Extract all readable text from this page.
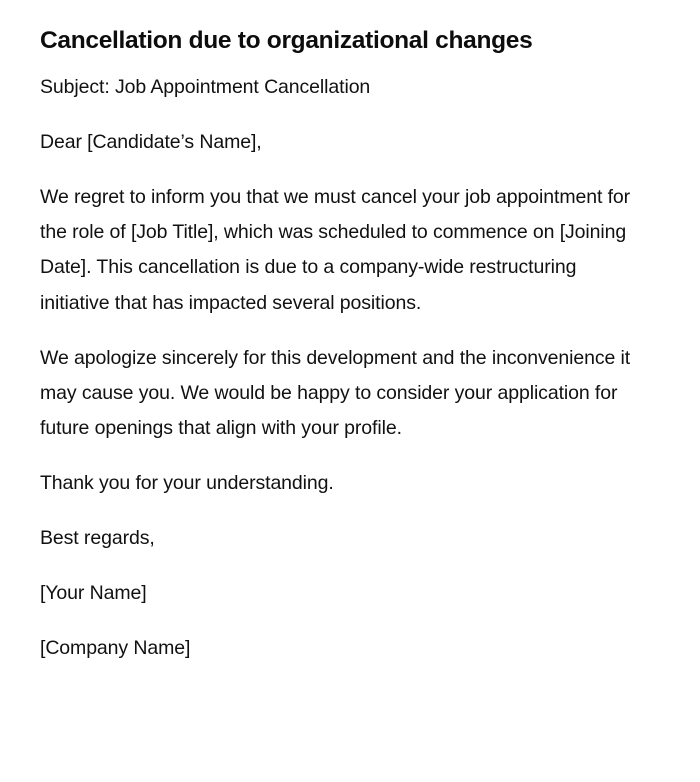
Cancellation due to organizational changes

Subject: Job Appointment Cancellation

Dear [Candidate’s Name],

We regret to inform you that we must cancel your job appointment for the role of [Job Title], which was scheduled to commence on [Joining Date]. This cancellation is due to a company-wide restructuring initiative that has impacted several positions.

We apologize sincerely for this development and the inconvenience it may cause you. We would be happy to consider your application for future openings that align with your profile.

Thank you for your understanding.

Best regards,

[Your Name]

[Company Name]
